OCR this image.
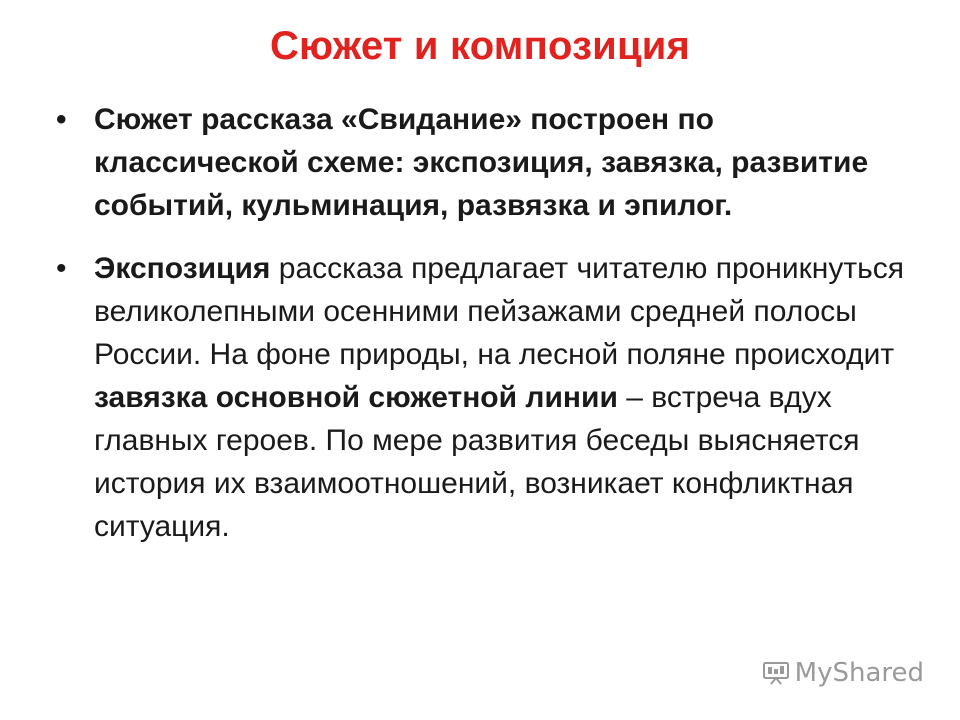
Сюжет и композиция
• Сюжет рассказа «Свидание» построен по классической схеме: экспозиция, завязка, развитие событий, кульминация, развязка и эпилог.
• Экспозиция рассказа предлагает читателю проникнуться великолепными осенними пейзажами средней полосы России. На фоне природы, на лесной поляне происходит завязка основной сюжетной линии – встреча вдух главных героев. По мере развития беседы выясняется история их взаимоотношений, возникает конфликтная ситуация.
MyShared
